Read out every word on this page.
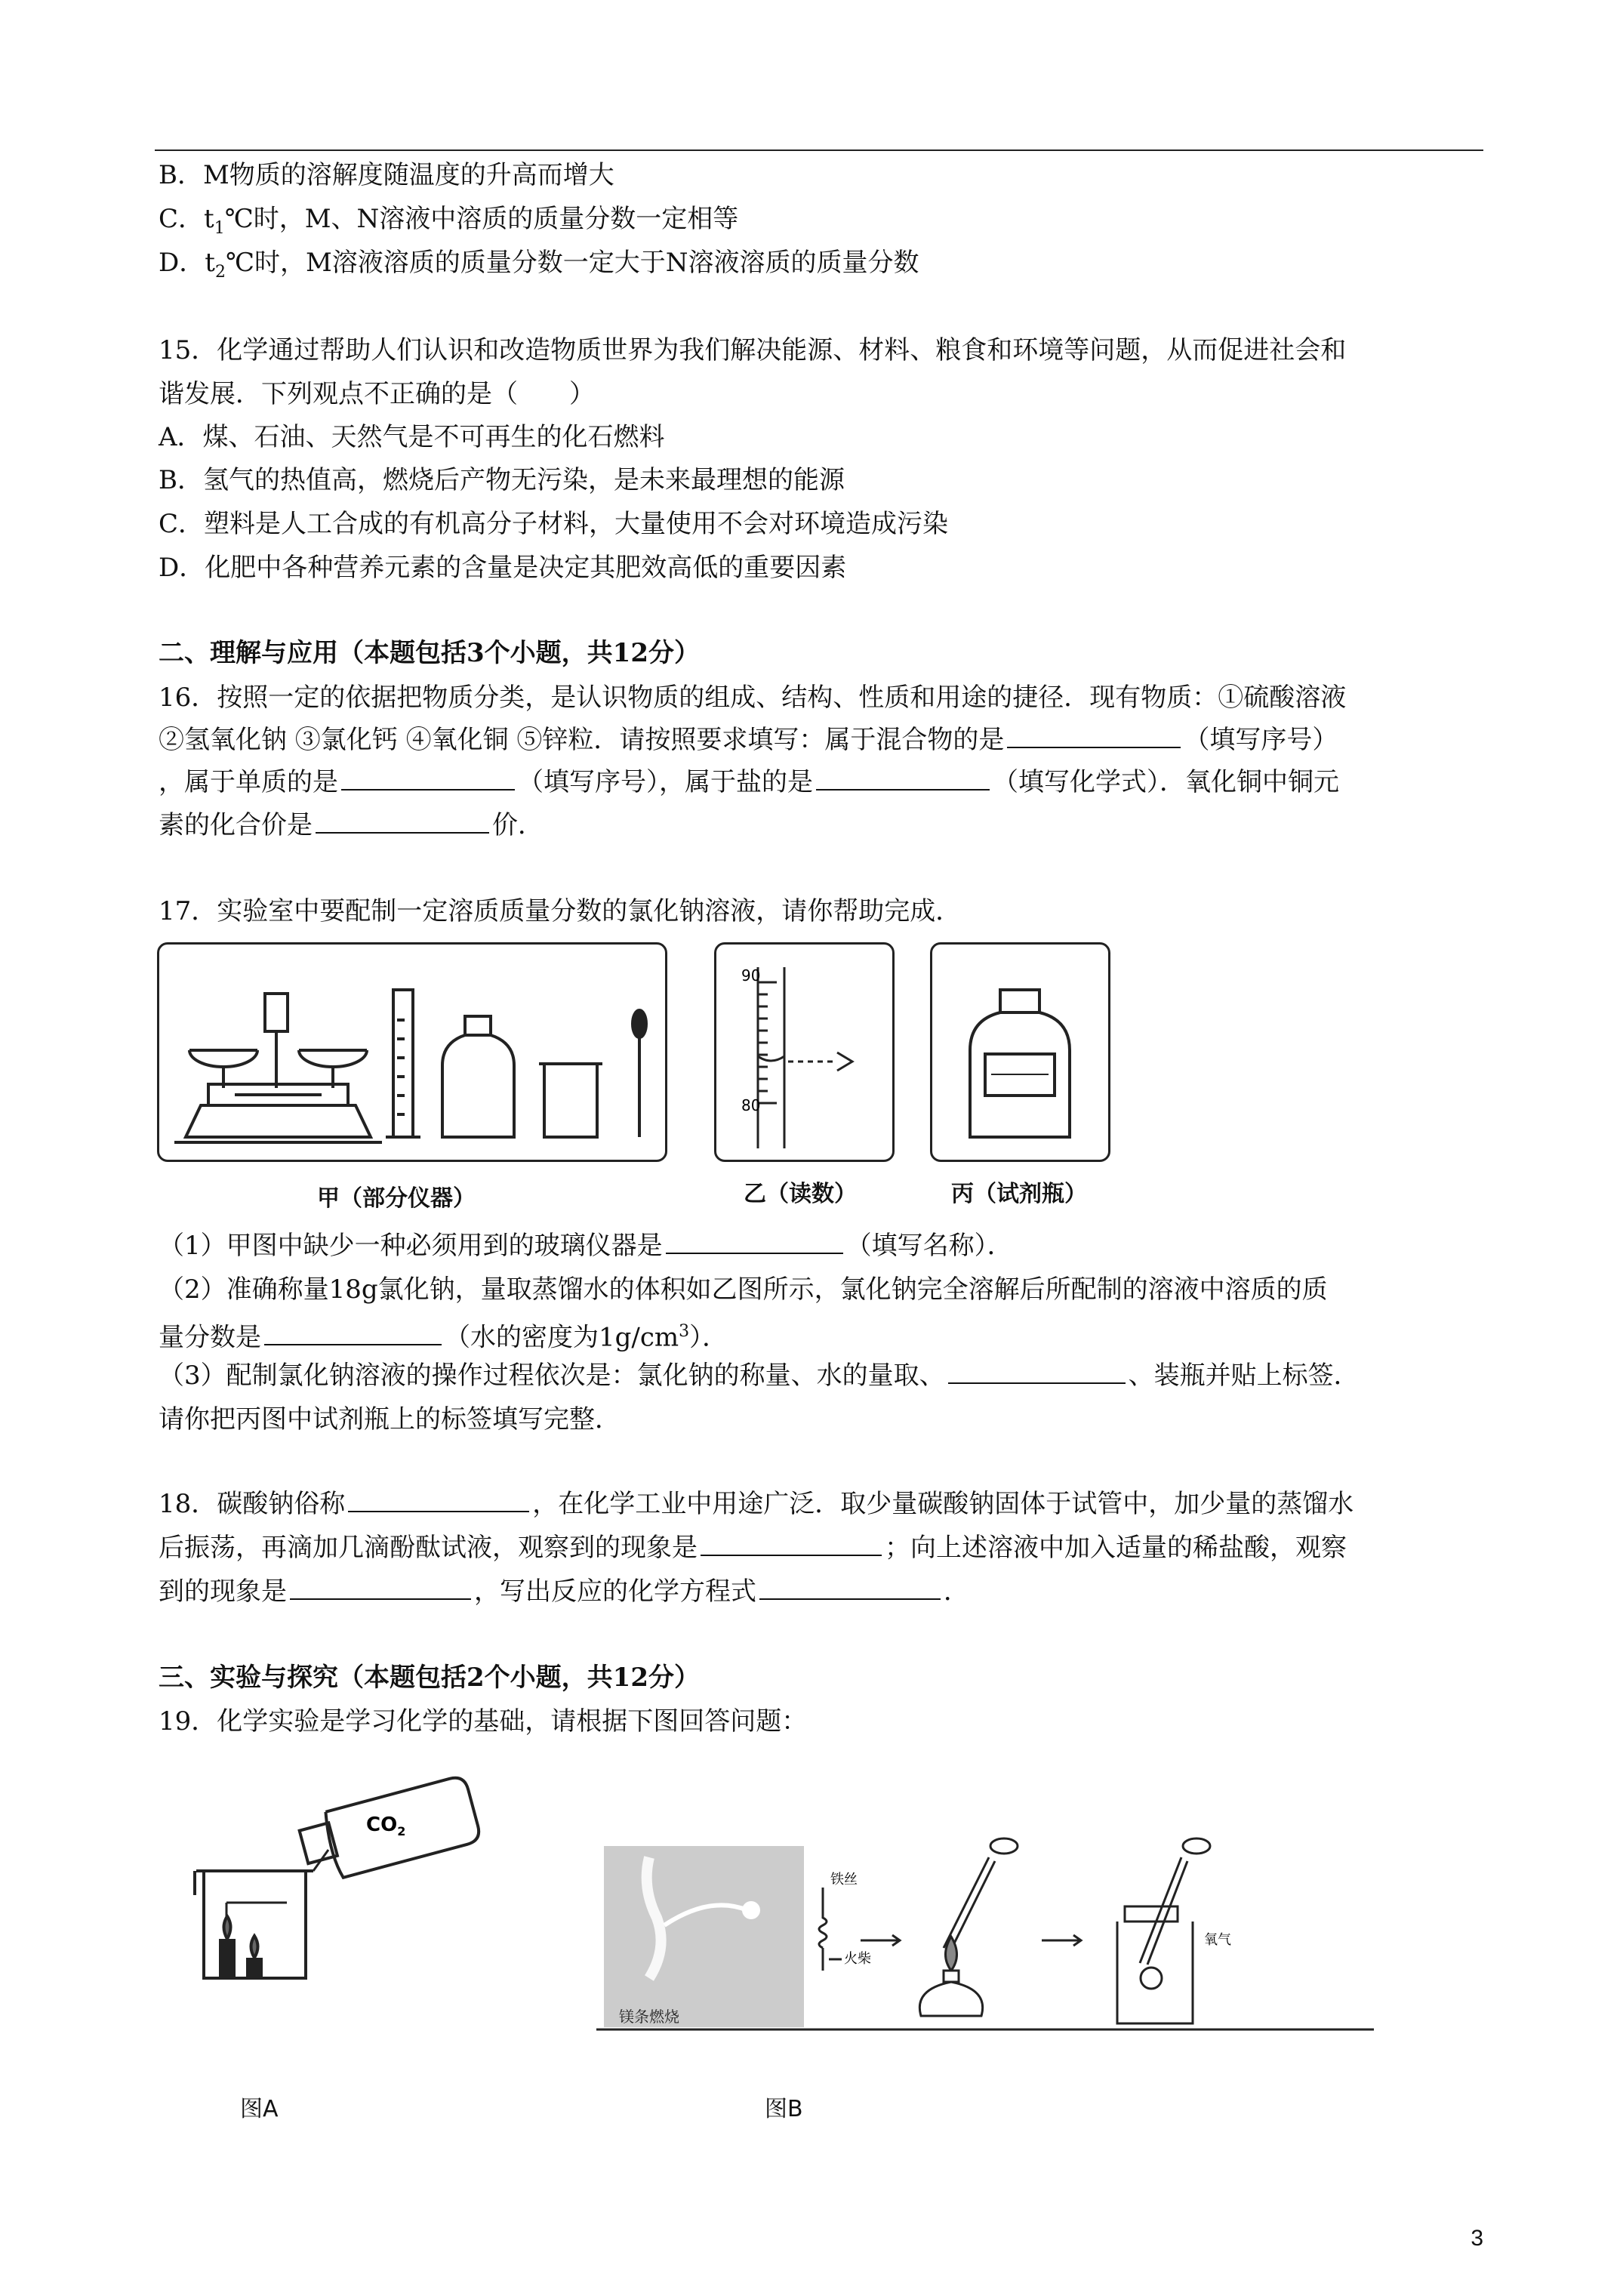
B．M物质的溶解度随温度的升高而增大
C．$t_1℃$时，M、N溶液中溶质的质量分数一定相等
D．$t_2℃$时，M溶液溶质的质量分数一定大于N溶液溶质的质量分数
15．化学通过帮助人们认识和改造物质世界为我们解决能源、材料、粮食和环境等问题，从而促进社会和
谐发展．下列观点不正确的是（　　）
A．煤、石油、天然气是不可再生的化石燃料
B．氢气的热值高，燃烧后产物无污染，是未来最理想的能源
C．塑料是人工合成的有机高分子材料，大量使用不会对环境造成污染
D．化肥中各种营养元素的含量是决定其肥效高低的重要因素
二、理解与应用（本题包括3个小题，共12分）
16．按照一定的依据把物质分类，是认识物质的组成、结构、性质和用途的捷径．现有物质：①硫酸溶液
②氢氧化钠 ③氯化钙 ④氧化铜 ⑤锌粒．请按照要求填写：属于混合物的是	（填写序号）
，属于单质的是	（填写序号），属于盐的是	（填写化学式）．氧化铜中铜元
素的化合价是	价．
17．实验室中要配制一定溶质质量分数的氯化钠溶液，请你帮助完成．
90
80
甲（部分仪器）	乙（读数）	丙（试剂瓶）
（1）甲图中缺少一种必须用到的玻璃仪器是	（填写名称）．
（2）准确称量18g氯化钠，量取蒸馏水的体积如乙图所示，氯化钠完全溶解后所配制的溶液中溶质的质
量分数是	（水的密度为$1g/cm^3$）．
（3）配制氯化钠溶液的操作过程依次是：氯化钠的称量、水的量取、	、装瓶并贴上标签．
请你把丙图中试剂瓶上的标签填写完整．
18．碳酸钠俗称	，在化学工业中用途广泛．取少量碳酸钠固体于试管中，加少量的蒸馏水
后振荡，再滴加几滴酚酞试液，观察到的现象是	；向上述溶液中加入适量的稀盐酸，观察
到的现象是	，写出反应的化学方程式	．
三、实验与探究（本题包括2个小题，共12分）
19．化学实验是学习化学的基础，请根据下图回答问题：
$CO_2$
镁条燃烧
铁丝
火柴
氧气
图A	图B
3
